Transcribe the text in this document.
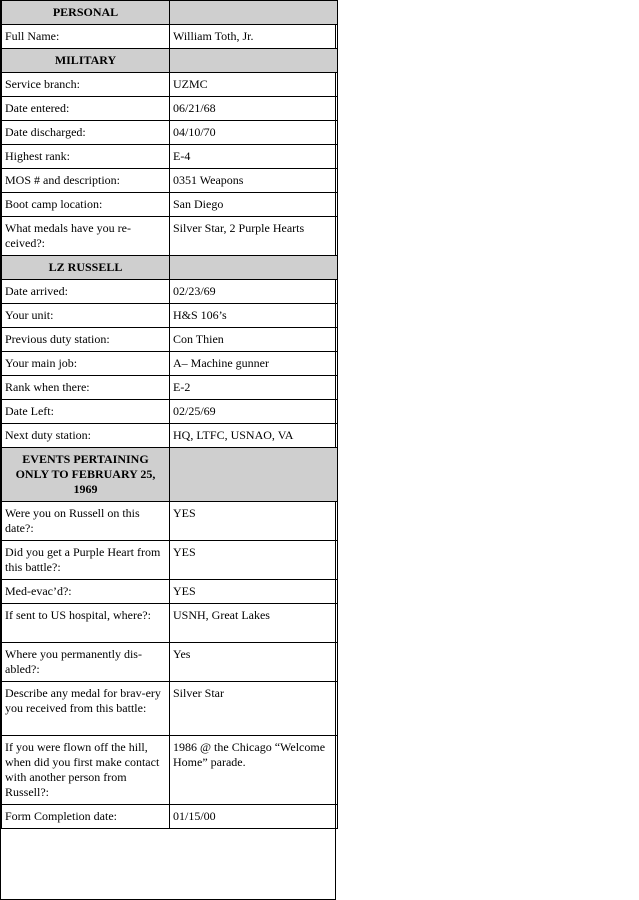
PERSONAL	
Full Name:	William Toth, Jr.
MILITARY	
Service branch:	UZMC
Date entered:	06/21/68
Date discharged:	04/10/70
Highest rank:	E-4
MOS # and description:	0351 Weapons
Boot camp location:	San Diego
What medals have you re-ceived?:	Silver Star, 2 Purple Hearts
LZ RUSSELL	
Date arrived:	02/23/69
Your unit:	H&S 106’s
Previous duty station:	Con Thien
Your main job:	A– Machine gunner
Rank when there:	E-2
Date Left:	02/25/69
Next duty station:	HQ, LTFC, USNAO, VA
EVENTS PERTAINING ONLY TO FEBRUARY 25, 1969	
Were you on Russell on this date?:	YES
Did you get a Purple Heart from this battle?:	YES
Med-evac’d?:	YES
If sent to US hospital, where?:	USNH, Great Lakes
Where you permanently dis-abled?:	Yes
Describe any medal for brav-ery you received from this battle:	Silver Star
If you were flown off the hill, when did you first make contact with another person from Russell?:	1986 @ the Chicago “Welcome Home” parade.
Form Completion date:	01/15/00
